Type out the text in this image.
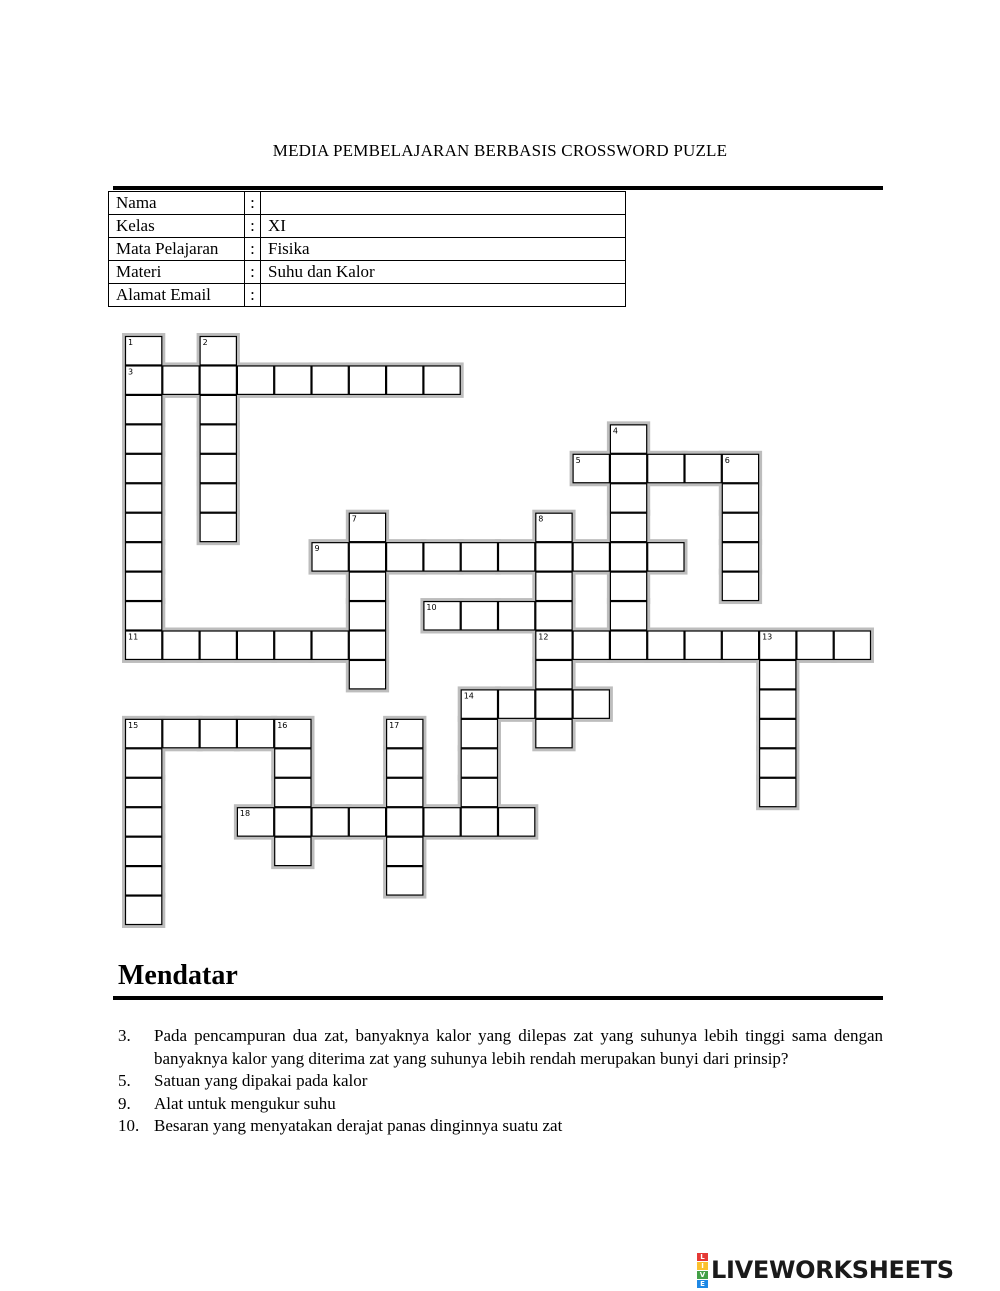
MEDIA PEMBELAJARAN BERBASIS CROSSWORD PUZLE
Nama	:	
Kelas	:	XI
Mata Pelajaran	:	Fisika
Materi	:	Suhu dan Kalor
Alamat Email	:	
3
5
9
10
11	12
14
15
18
1	2
4
6
7	8
13
16	17
Mendatar
3.	Pada pencampuran dua zat, banyaknya kalor yang dilepas zat yang suhunya lebih tinggi sama dengan banyaknya kalor yang diterima zat yang suhunya lebih rendah merupakan bunyi dari prinsip?
5.	Satuan yang dipakai pada kalor
9.	Alat untuk mengukur suhu
10. Besaran yang menyatakan derajat panas dinginnya suatu zat
L
I
V
E LIVEWORKSHEETS
